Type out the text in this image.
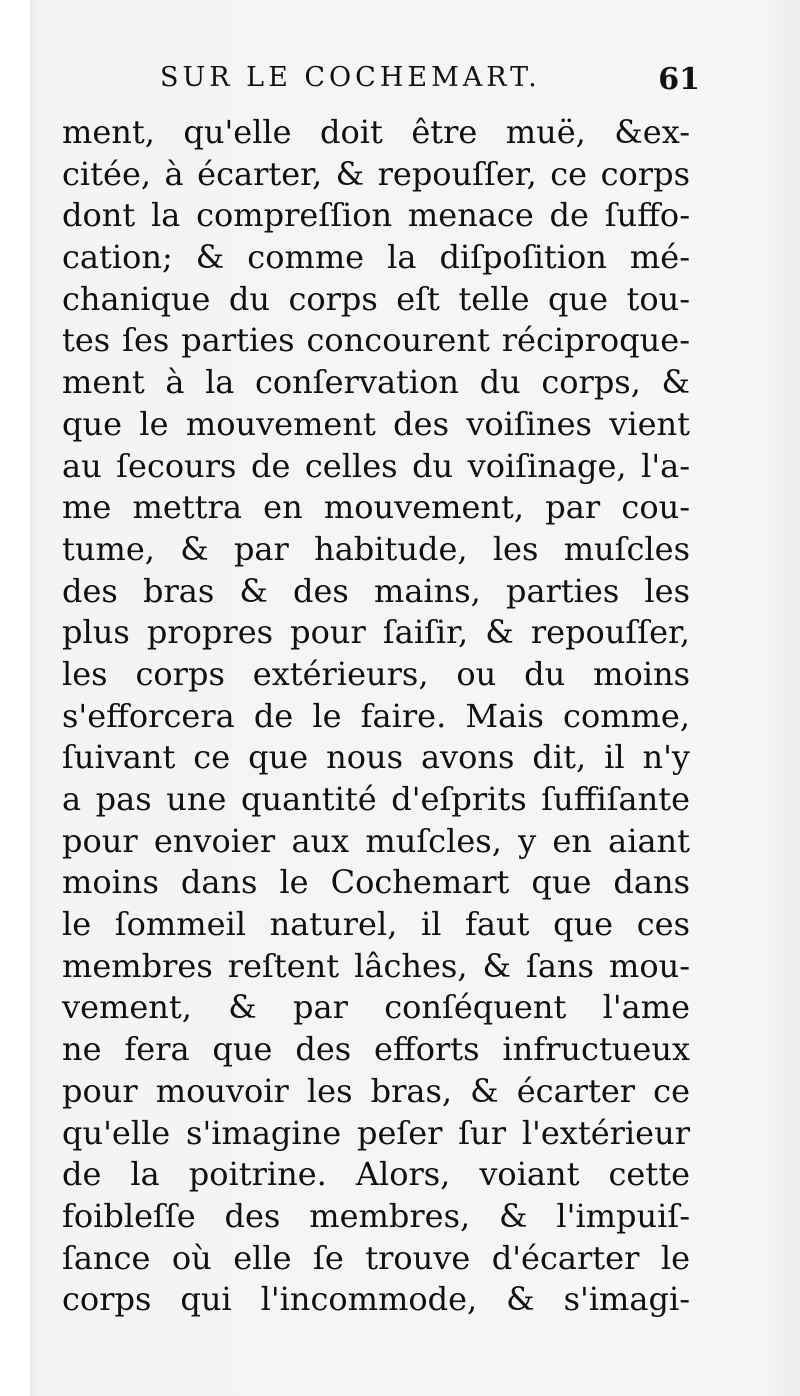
SUR LE COCHEMART.	61
ment, qu'elle doit être muë, &ex-
citée, à écarter, & repouſſer, ce corps
dont la compreſſion menace de ſuffo-
cation; & comme la diſpoſition mé-
chanique du corps eſt telle que tou-
tes ſes parties concourent réciproque-
ment à la conſervation du corps, &
que le mouvement des voiſines vient
au ſecours de celles du voiſinage, l'a-
me mettra en mouvement, par cou-
tume, & par habitude, les muſcles
des bras & des mains, parties les
plus propres pour ſaiſir, & repouſſer,
les corps extérieurs, ou du moins
s'efforcera de le faire. Mais comme,
ſuivant ce que nous avons dit, il n'y
a pas une quantité d'eſprits ſuffiſante
pour envoier aux muſcles, y en aiant
moins dans le Cochemart que dans
le ſommeil naturel, il faut que ces
membres reſtent lâches, & ſans mou-
vement, & par conſéquent l'ame
ne fera que des efforts infructueux
pour mouvoir les bras, & écarter ce
qu'elle s'imagine peſer ſur l'extérieur
de la poitrine. Alors, voiant cette
foibleſſe des membres, & l'impuiſ-
ſance où elle ſe trouve d'écarter le
corps qui l'incommode, & s'imagi-
